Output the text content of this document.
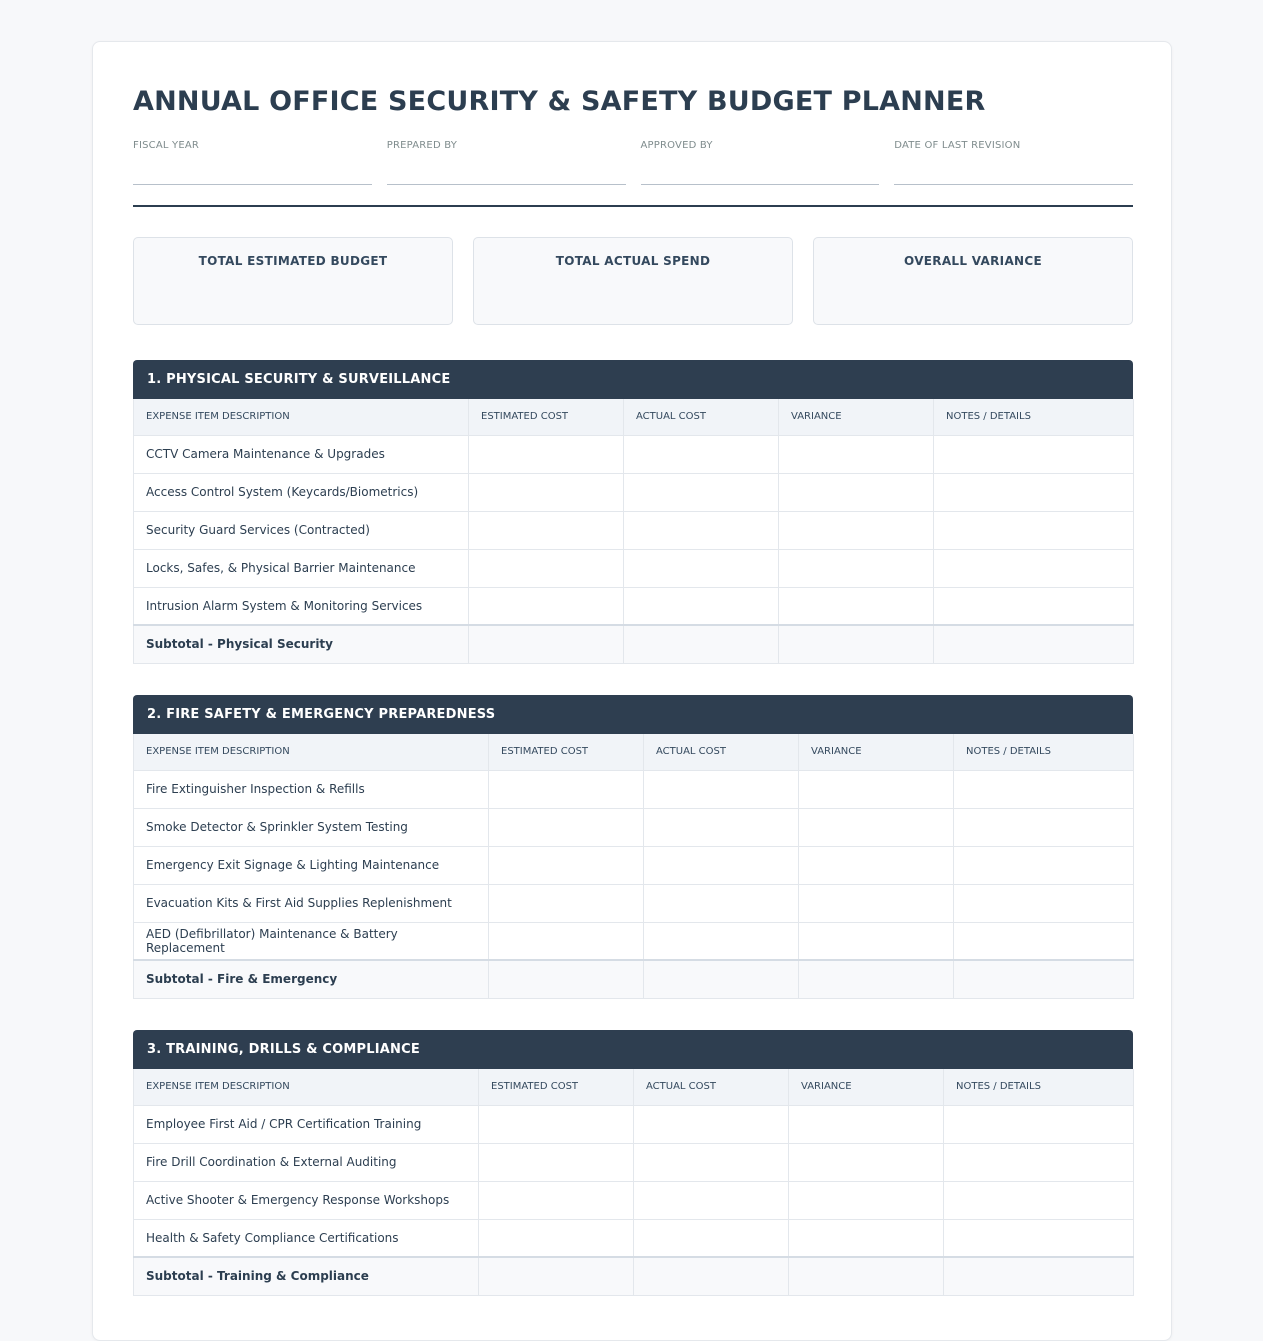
ANNUAL OFFICE SECURITY & SAFETY BUDGET PLANNER
FISCAL YEAR	PREPARED BY	APPROVED BY	DATE OF LAST REVISION
TOTAL ESTIMATED BUDGET	TOTAL ACTUAL SPEND	OVERALL VARIANCE
1. PHYSICAL SECURITY & SURVEILLANCE
EXPENSE ITEM DESCRIPTION	ESTIMATED COST	ACTUAL COST	VARIANCE	NOTES / DETAILS
CCTV Camera Maintenance & Upgrades				
Access Control System (Keycards/Biometrics)				
Security Guard Services (Contracted)				
Locks, Safes, & Physical Barrier Maintenance				
Intrusion Alarm System & Monitoring Services				
Subtotal - Physical Security				
2. FIRE SAFETY & EMERGENCY PREPAREDNESS
EXPENSE ITEM DESCRIPTION	ESTIMATED COST	ACTUAL COST	VARIANCE	NOTES / DETAILS
Fire Extinguisher Inspection & Refills				
Smoke Detector & Sprinkler System Testing				
Emergency Exit Signage & Lighting Maintenance				
Evacuation Kits & First Aid Supplies Replenishment				
AED (Defibrillator) Maintenance & Battery Replacement				
Subtotal - Fire & Emergency				
3. TRAINING, DRILLS & COMPLIANCE
EXPENSE ITEM DESCRIPTION	ESTIMATED COST	ACTUAL COST	VARIANCE	NOTES / DETAILS
Employee First Aid / CPR Certification Training				
Fire Drill Coordination & External Auditing				
Active Shooter & Emergency Response Workshops				
Health & Safety Compliance Certifications				
Subtotal - Training & Compliance				
